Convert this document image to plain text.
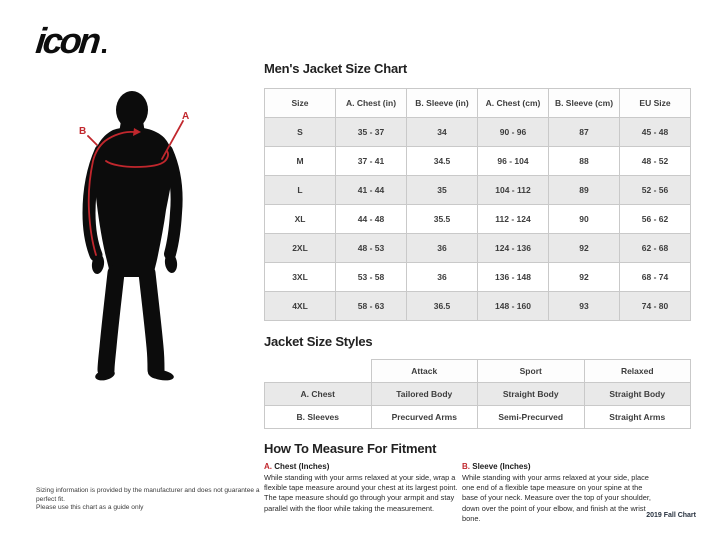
icon
A
B
Men's Jacket Size Chart
Size	A. Chest (in)	B. Sleeve (in)	A. Chest (cm)	B. Sleeve (cm)	EU Size
S	35 - 37	34	90 - 96	87	45 - 48
M	37 - 41	34.5	96 - 104	88	48 - 52
L	41 - 44	35	104 - 112	89	52 - 56
XL	44 - 48	35.5	112 - 124	90	56 - 62
2XL	48 - 53	36	124 - 136	92	62 - 68
3XL	53 - 58	36	136 - 148	92	68 - 74
4XL	58 - 63	36.5	148 - 160	93	74 - 80
Jacket Size Styles
	Attack	Sport	Relaxed
A. Chest	Tailored Body	Straight Body	Straight Body
B. Sleeves	Precurved Arms	Semi-Precurved	Straight Arms
How To Measure For Fitment

A. Chest (Inches)

While standing with your arms relaxed at your side, wrap a flexible tape measure around your chest at its largest point. The tape measure should go through your armpit and stay parallel with the floor while taking the measurement.

B. Sleeve (Inches)

While standing with your arms relaxed at your side, place one end of a flexible tape measure on your spine at the base of your neck. Measure over the top of your shoulder, down over the point of your elbow, and finish at the wrist bone.

Sizing information is provided by the manufacturer and does not guarantee a perfect fit.
Please use this chart as a guide only
2019 Fall Chart
